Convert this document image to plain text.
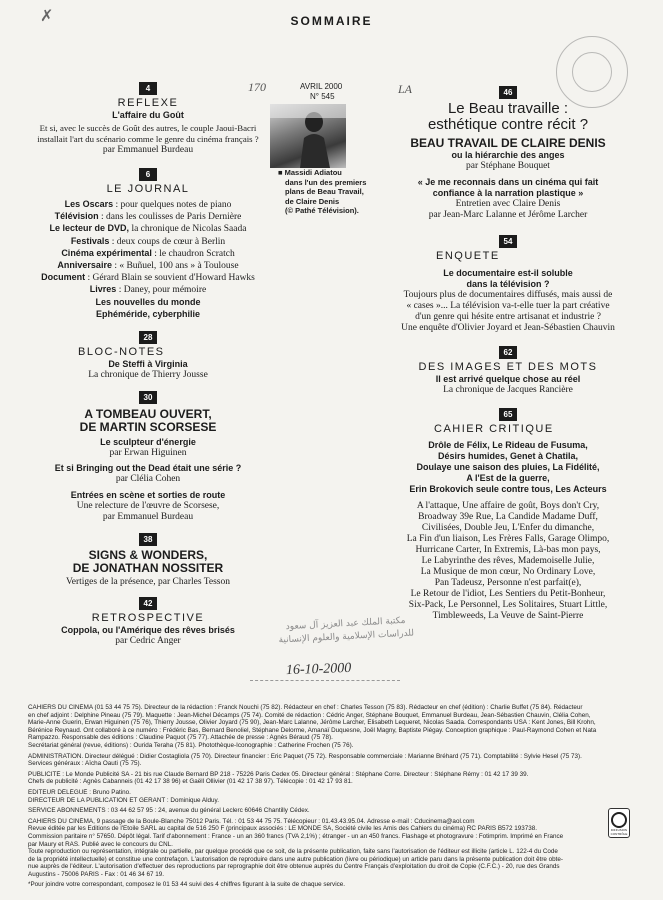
SOMMAIRE
✗
4
REFLEXE
L'affaire du Goût
Et si, avec le succès de Goût des autres, le couple Jaoui-Bacri
installait l'art du scénario comme le genre du cinéma français ?
par Emmanuel Burdeau
6
LE JOURNAL
Les Oscars : pour quelques notes de piano
Télévision : dans les coulisses de Paris Dernière
Le lecteur de DVD, la chronique de Nicolas Saada
Festivals : deux coups de cœur à Berlin
Cinéma expérimental : le chaudron Scratch
Anniversaire : « Buñuel, 100 ans » à Toulouse
Document : Gérard Blain se souvient d'Howard Hawks
Livres : Daney, pour mémoire
Les nouvelles du monde
Ephéméride, cyberphilie
28
BLOC-NOTES
De Steffi à Virginia
La chronique de Thierry Jousse
30
A TOMBEAU OUVERT,
DE MARTIN SCORSESE
Le sculpteur d'énergie
par Erwan Higuinen
Et si Bringing out the Dead était une série ?
par Clélia Cohen
Entrées en scène et sorties de route
Une relecture de l'œuvre de Scorsese,
par Emmanuel Burdeau
38
SIGNS & WONDERS,
DE JONATHAN NOSSITER
Vertiges de la présence, par Charles Tesson
42
RETROSPECTIVE
Coppola, ou l'Amérique des rêves brisés
par Cedric Anger
AVRIL 2000
N° 545
170	LA
■ Massidi Adiatou
dans l'un des premiers
plans de Beau Travail,
de Claire Denis
(© Pathé Télévision).
46
Le Beau travaille :
esthétique contre récit ?
BEAU TRAVAIL DE CLAIRE DENIS
ou la hiérarchie des anges
par Stéphane Bouquet
« Je me reconnais dans un cinéma qui fait
confiance à la narration plastique »
Entretien avec Claire Denis
par Jean-Marc Lalanne et Jérôme Larcher
54
ENQUETE
Le documentaire est-il soluble
dans la télévision ?
Toujours plus de documentaires diffusés, mais aussi de
« cases »... La télévision va-t-elle tuer la part créative
d'un genre qui hésite entre artisanat et industrie ?
Une enquête d'Olivier Joyard et Jean-Sébastien Chauvin
62
DES IMAGES ET DES MOTS
Il est arrivé quelque chose au réel
La chronique de Jacques Rancière
65
CAHIER CRITIQUE
Drôle de Félix, Le Rideau de Fusuma,
Désirs humides, Genet à Chatila,
Doulaye une saison des pluies, La Fidélité,
A l'Est de la guerre,
Erin Brokovich seule contre tous, Les Acteurs
A l'attaque, Une affaire de goût, Boys don't Cry,
Broadway 39e Rue, La Candide Madame Duff,
Civilisées, Double Jeu, L'Enfer du dimanche,
La Fin d'un liaison, Les Frères Falls, Garage Olimpo,
Hurricane Carter, In Extremis, Là-bas mon pays,
Le Labyrinthe des rêves, Mademoiselle Julie,
La Musique de mon cœur, No Ordinary Love,
Pan Tadeusz, Personne n'est parfait(e),
Le Retour de l'idiot, Les Sentiers du Petit-Bonheur,
Six-Pack, Le Personnel, Les Solitaires, Stuart Little,
Timbleweeds, La Veuve de Saint-Pierre
مكتبة الملك عبد العزيز آل سعود
للدراسات الإسلامية والعلوم الإنسانية
16-10-2000
CAHIERS DU CINÉMA (01 53 44 75 75). Directeur de la rédaction : Franck Nouchi (75 82). Rédacteur en chef : Charles Tesson (75 83). Rédacteur en chef (édition) : Charlie Buffet (75 84). Rédacteur
en chef adjoint : Delphine Pineau (75 79). Maquette : Jean-Michel Décamps (75 74). Comité de rédaction : Cédric Anger, Stéphane Bouquet, Emmanuel Burdeau, Jean-Sébastien Chauvin, Clélia Cohen,
Marie-Anne Guerin, Erwan Higuinen (75 76), Thierry Jousse, Olivier Joyard (75 90), Jean-Marc Lalanne, Jérôme Larcher, Elisabeth Lequeret, Nicolas Saada. Correspondants USA : Kent Jones, Bill Krohn,
Bérénice Reynaud. Ont collaboré à ce numéro : Frédéric Bas, Bernard Benoliel, Stéphane Delorme, Amanaï Duquesne, Joël Magny, Baptiste Piégay. Conception graphique : Paul-Raymond Cohen et Nata
Rampazzo. Responsable des éditions : Claudine Paquot (75 77). Attachée de presse : Agnès Béraud (75 78).
Secrétariat général (revue, éditions) : Ourida Teraha (75 81). Photothèque-Iconographie : Catherine Frochen (75 76).
ADMINISTRATION. Directeur délégué : Didier Costagliola (75 70). Directeur financier : Eric Paquet (75 72). Responsable commerciale : Marianne Bréhard (75 71). Comptabilité : Sylvie Hesel (75 73).
Services généraux : Aïcha Oauti (75 75).
PUBLICITÉ : Le Monde Publicité SA - 21 bis rue Claude Bernard BP 218 - 75226 Paris Cedex 05. Directeur général : Stéphane Corre. Directeur : Stéphane Rémy : 01 42 17 39 39.
Chefs de publicité : Agnès Cabanneis (01 42 17 38 96) et Gaëll Ollivier (01 42 17 38 97). Télécopie : 01 42 17 93 81.
EDITEUR DÉLÉGUÉ : Bruno Patino.
DIRECTEUR DE LA PUBLICATION ET GERANT : Dominique Alduy.
SERVICE ABONNEMENTS : 03 44 62 57 95 : 24, avenue du général Leclerc 60646 Chantilly Cédex.
CAHIERS DU CINÉMA, 9 passage de la Boule-Blanche 75012 Paris. Tél. : 01 53 44 75 75. Télécopieur : 01.43.43.95.04. Adresse e-mail : Cducinema@aol.com
Revue éditée par les Editions de l'Etoile SARL au capital de 516 250 F (principaux associés : LE MONDE SA, Société civile les Amis des Cahiers du cinéma) RC PARIS B572 193738.
Commission paritaire n° 57650. Dépôt légal. Tarif d'abonnement : France - un an 360 francs (TVA 2,1%) ; étranger - un an 450 francs. Flashage et photogravure : Fotimprim. Imprimé en France
par Maury et RAS. Publié avec le concours du CNL.
Toute reproduction ou représentation, intégrale ou partielle, par quelque procédé que ce soit, de la présente publication, faite sans l'autorisation de l'éditeur est illicite (article L. 122-4 du Code
de la propriété intellectuelle) et constitue une contrefaçon. L'autorisation de reproduire dans une autre publication (livre ou périodique) un article paru dans la présente publication doit être obte-
nue auprès de l'éditeur. L'autorisation d'effectuer des reproductions par reprographie doit être obtenue auprès du Centre Français d'exploitation du droit de Copie (C.F.C.) - 20, rue des Grands
Augustins - 75006 PARIS - Fax : 01 46 34 67 19.
*Pour joindre votre correspondant, composez le 01 53 44 suivi des 4 chiffres figurant à la suite de chaque service.
DIFFUSION CONTRÔLE
